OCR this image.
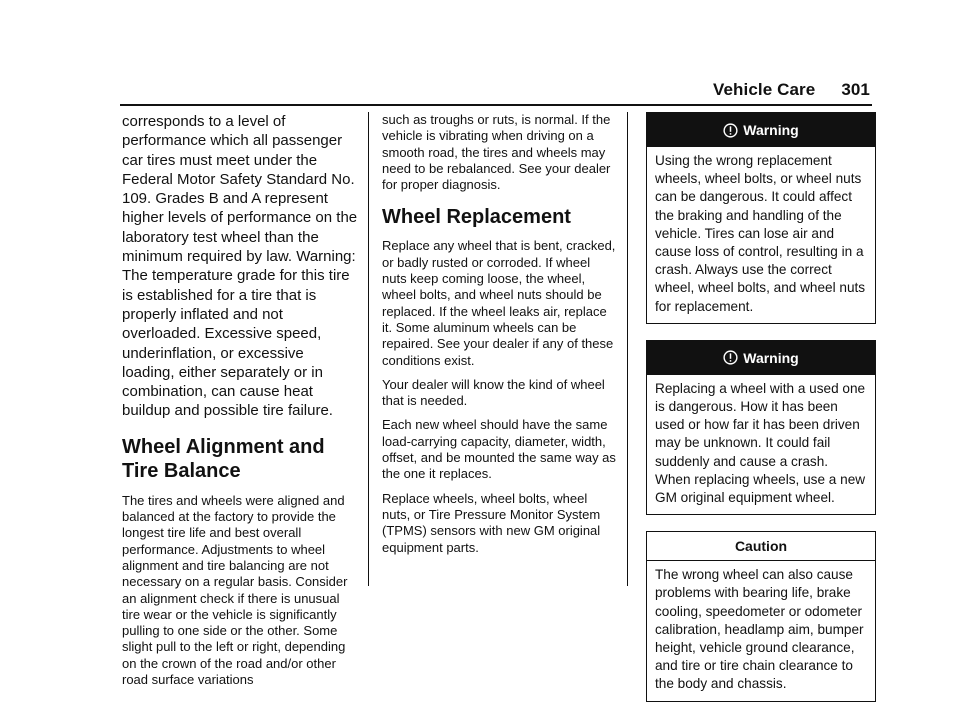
Vehicle Care 301

corresponds to a level of performance which all passenger car tires must meet under the Federal Motor Safety Standard No. 109. Grades B and A represent higher levels of performance on the laboratory test wheel than the minimum required by law. Warning: The temperature grade for this tire is established for a tire that is properly inflated and not overloaded. Excessive speed, underinflation, or excessive loading, either separately or in combination, can cause heat buildup and possible tire failure.

Wheel Alignment and Tire Balance

The tires and wheels were aligned and balanced at the factory to provide the longest tire life and best overall performance. Adjustments to wheel alignment and tire balancing are not necessary on a regular basis. Consider an alignment check if there is unusual tire wear or the vehicle is significantly pulling to one side or the other. Some slight pull to the left or right, depending on the crown of the road and/or other road surface variations

such as troughs or ruts, is normal. If the vehicle is vibrating when driving on a smooth road, the tires and wheels may need to be rebalanced. See your dealer for proper diagnosis.

Wheel Replacement

Replace any wheel that is bent, cracked, or badly rusted or corroded. If wheel nuts keep coming loose, the wheel, wheel bolts, and wheel nuts should be replaced. If the wheel leaks air, replace it. Some aluminum wheels can be repaired. See your dealer if any of these conditions exist.

Your dealer will know the kind of wheel that is needed.

Each new wheel should have the same load-carrying capacity, diameter, width, offset, and be mounted the same way as the one it replaces.

Replace wheels, wheel bolts, wheel nuts, or Tire Pressure Monitor System (TPMS) sensors with new GM original equipment parts.

Warning
Using the wrong replacement wheels, wheel bolts, or wheel nuts can be dangerous. It could affect the braking and handling of the vehicle. Tires can lose air and cause loss of control, resulting in a crash. Always use the correct wheel, wheel bolts, and wheel nuts for replacement.
Warning
Replacing a wheel with a used one is dangerous. How it has been used or how far it has been driven may be unknown. It could fail suddenly and cause a crash. When replacing wheels, use a new GM original equipment wheel.
Caution
The wrong wheel can also cause problems with bearing life, brake cooling, speedometer or odometer calibration, headlamp aim, bumper height, vehicle ground clearance, and tire or tire chain clearance to the body and chassis.
